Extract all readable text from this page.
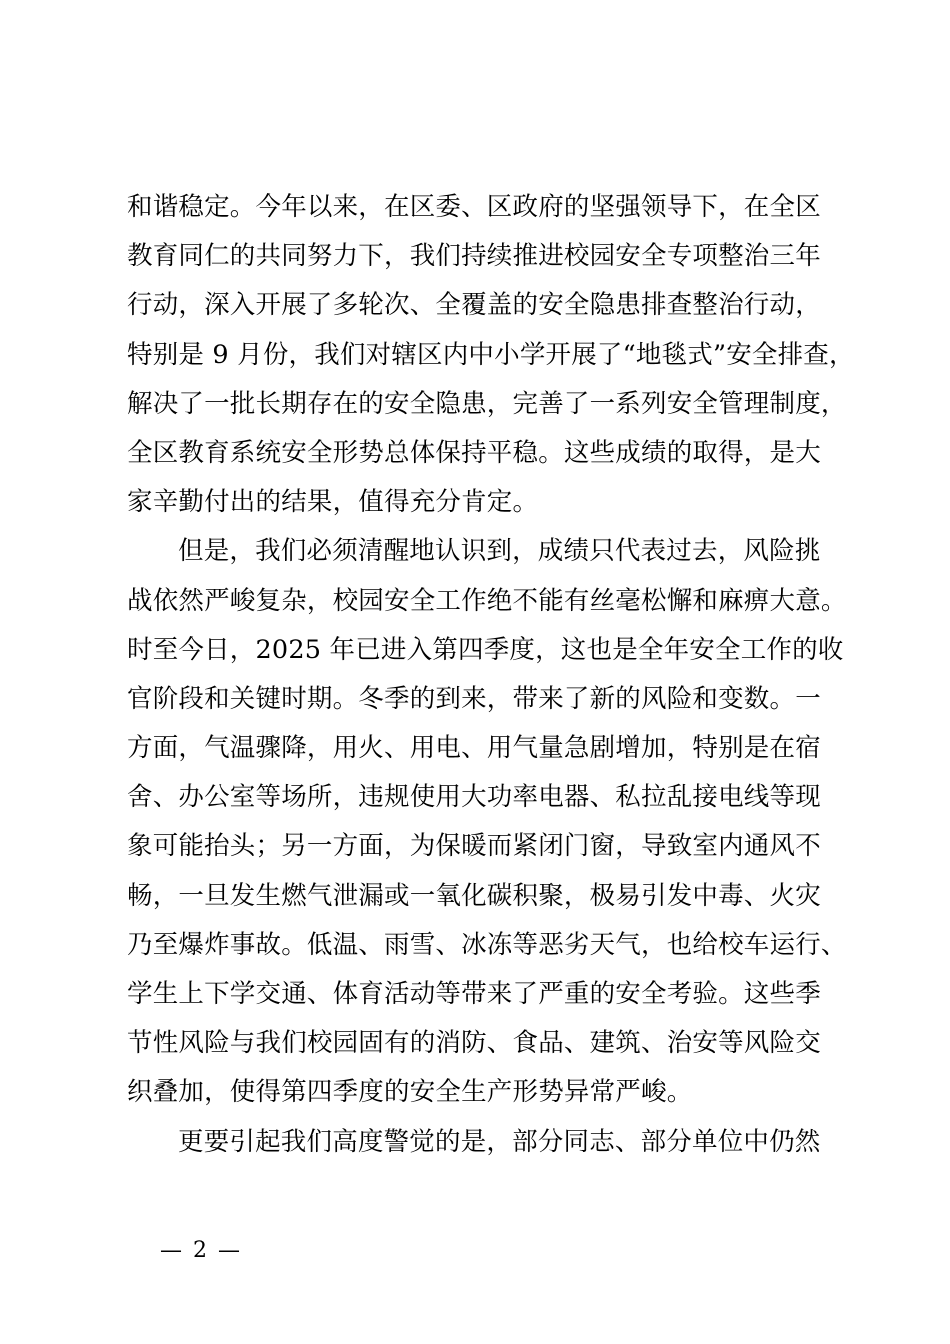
和谐稳定。今年以来，在区委、区政府的坚强领导下，在全区
教育同仁的共同努力下，我们持续推进校园安全专项整治三年
行动，深入开展了多轮次、全覆盖的安全隐患排查整治行动，
特别是 9 月份，我们对辖区内中小学开展了“地毯式”安全排查，
解决了一批长期存在的安全隐患，完善了一系列安全管理制度，
全区教育系统安全形势总体保持平稳。这些成绩的取得，是大
家辛勤付出的结果，值得充分肯定。
但是，我们必须清醒地认识到，成绩只代表过去，风险挑
战依然严峻复杂，校园安全工作绝不能有丝毫松懈和麻痹大意。
时至今日，2025 年已进入第四季度，这也是全年安全工作的收
官阶段和关键时期。冬季的到来，带来了新的风险和变数。一
方面，气温骤降，用火、用电、用气量急剧增加，特别是在宿
舍、办公室等场所，违规使用大功率电器、私拉乱接电线等现
象可能抬头；另一方面，为保暖而紧闭门窗，导致室内通风不
畅，一旦发生燃气泄漏或一氧化碳积聚，极易引发中毒、火灾
乃至爆炸事故。低温、雨雪、冰冻等恶劣天气，也给校车运行、
学生上下学交通、体育活动等带来了严重的安全考验。这些季
节性风险与我们校园固有的消防、食品、建筑、治安等风险交
织叠加，使得第四季度的安全生产形势异常严峻。
更要引起我们高度警觉的是，部分同志、部分单位中仍然
— 2 —
